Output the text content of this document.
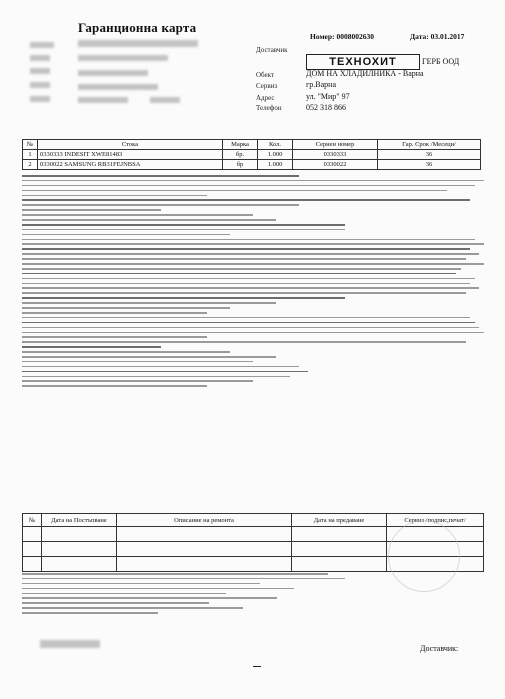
Гаранционна карта
Номер: 0008002630	Дата: 03.01.2017
Доставчик
ТЕХНОХИТ	ГЕРБ ООД
Обект	ДОМ НА ХЛАДИЛНИКА - Варна
Сервиз	гр.Варна
Адрес	ул. "Мир" 97
Телефон	052 318 866
№	Стока	Марка	Кол.	Сериен номер	Гар. Срок /Месеци/
1	0330333 INDESIT XWE81483	бр.	1.000	0330333	36
2	0330022 SAMSUNG RB31FEJNBSA	бр	1.000	0330022	36
№	Дата на Постъпване	Описание на ремонта	Дата на предаване	Сервиз /подпис,печат/

Доставчик:
